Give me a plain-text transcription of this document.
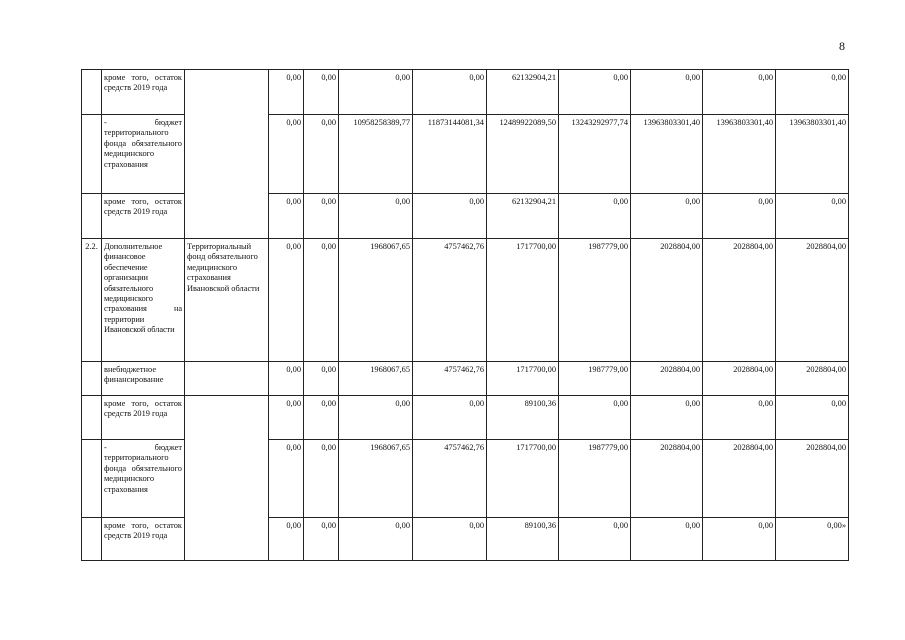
8
	кроме того, остаток средств 2019 года		0,00	0,00	0,00	0,00	62132904,21	0,00	0,00	0,00	0,00
	- бюджет территориального фонда обязательного медицинского страхования		0,00	0,00	10958258389,77	11873144081,34	12489922089,50	13243292977,74	13963803301,40	13963803301,40	13963803301,40
	кроме того, остаток средств 2019 года		0,00	0,00	0,00	0,00	62132904,21	0,00	0,00	0,00	0,00
2.2.	Дополнительное финансовое обеспечение организации обязательного медицинского страхования на территории Ивановской области	Территориальный фонд обязательного медицинского страхования Ивановской области	0,00	0,00	1968067,65	4757462,76	1717700,00	1987779,00	2028804,00	2028804,00	2028804,00
	внебюджетное финансирование		0,00	0,00	1968067,65	4757462,76	1717700,00	1987779,00	2028804,00	2028804,00	2028804,00
	кроме того, остаток средств 2019 года		0,00	0,00	0,00	0,00	89100,36	0,00	0,00	0,00	0,00
	- бюджет территориального фонда обязательного медицинского страхования		0,00	0,00	1968067,65	4757462,76	1717700,00	1987779,00	2028804,00	2028804,00	2028804,00
	кроме того, остаток средств 2019 года		0,00	0,00	0,00	0,00	89100,36	0,00	0,00	0,00	0,00»
